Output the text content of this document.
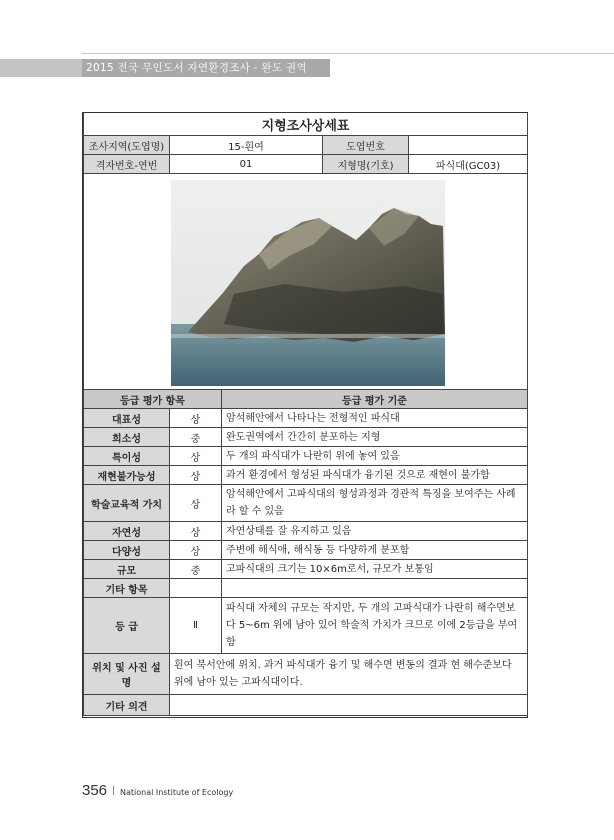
2015 전국 무인도서 자연환경조사 - 완도 권역
지형조사상세표				
조사지역(도엽명)	15-흰여		도엽번호	
격자번호-연번	01		지형명(기호)	파식대(GC03)

등급 평가 항목		등급 평가 기준		
대표성	상	암석해안에서 나타나는 전형적인 파식대		
희소성	중	완도권역에서 간간히 분포하는 지형		
특이성	상	두 개의 파식대가 나란히 위에 놓여 있음		
재현불가능성	상	과거 환경에서 형성된 파식대가 융기된 것으로 재현이 불가함		
학술교육적 가치	상	암석해안에서 고파식대의 형성과정과 경관적 특징을 보여주는 사례라 할 수 있음		
자연성	상	자연상태를 잘 유지하고 있음		
다양성	상	주변에 해식애, 해식동 등 다양하게 분포함		
규모	중	고파식대의 크기는 10×6m로서, 규모가 보통임		
기타 항목				
등 급	Ⅱ	파식대 자체의 규모는 작지만, 두 개의 고파식대가 나란히 해수면보다 5~6m 위에 남아 있어 학술적 가치가 크므로 이에 2등급을 부여함		
위치 및 사진 설명	흰여 북서안에 위치. 과거 파식대가 융기 및 해수면 변동의 결과 현 해수준보다 위에 남아 있는 고파식대이다.			
기타 의견				
356 National Institute of Ecology
